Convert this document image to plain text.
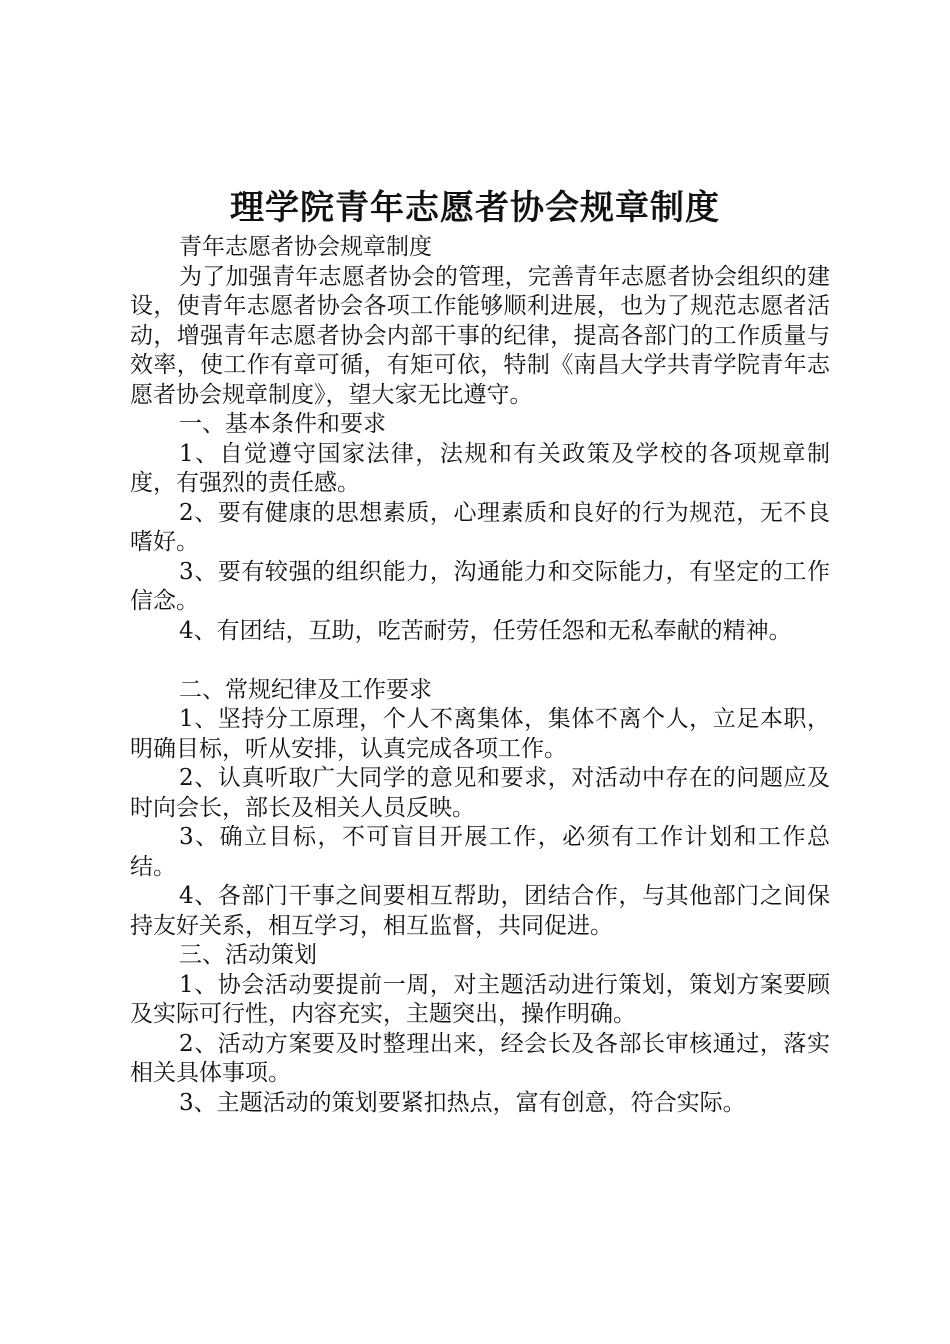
理学院青年志愿者协会规章制度

青年志愿者协会规章制度

为了加强青年志愿者协会的管理，完善青年志愿者协会组织的建设，使青年志愿者协会各项工作能够顺利进展，也为了规范志愿者活动，增强青年志愿者协会内部干事的纪律，提高各部门的工作质量与效率，使工作有章可循，有矩可依，特制《南昌大学共青学院青年志愿者协会规章制度》，望大家无比遵守。

一、基本条件和要求

1、自觉遵守国家法律，法规和有关政策及学校的各项规章制度，有强烈的责任感。

2、要有健康的思想素质，心理素质和良好的行为规范，无不良嗜好。

3、要有较强的组织能力，沟通能力和交际能力，有坚定的工作信念。

4、有团结，互助，吃苦耐劳，任劳任怨和无私奉献的精神。

二、常规纪律及工作要求

1、坚持分工原理，个人不离集体，集体不离个人，立足本职，明确目标，听从安排，认真完成各项工作。

2、认真听取广大同学的意见和要求，对活动中存在的问题应及时向会长，部长及相关人员反映。

3、确立目标，不可盲目开展工作，必须有工作计划和工作总结。

4、各部门干事之间要相互帮助，团结合作，与其他部门之间保持友好关系，相互学习，相互监督，共同促进。

三、活动策划

1、协会活动要提前一周，对主题活动进行策划，策划方案要顾及实际可行性，内容充实，主题突出，操作明确。

2、活动方案要及时整理出来，经会长及各部长审核通过，落实相关具体事项。

3、主题活动的策划要紧扣热点，富有创意，符合实际。
